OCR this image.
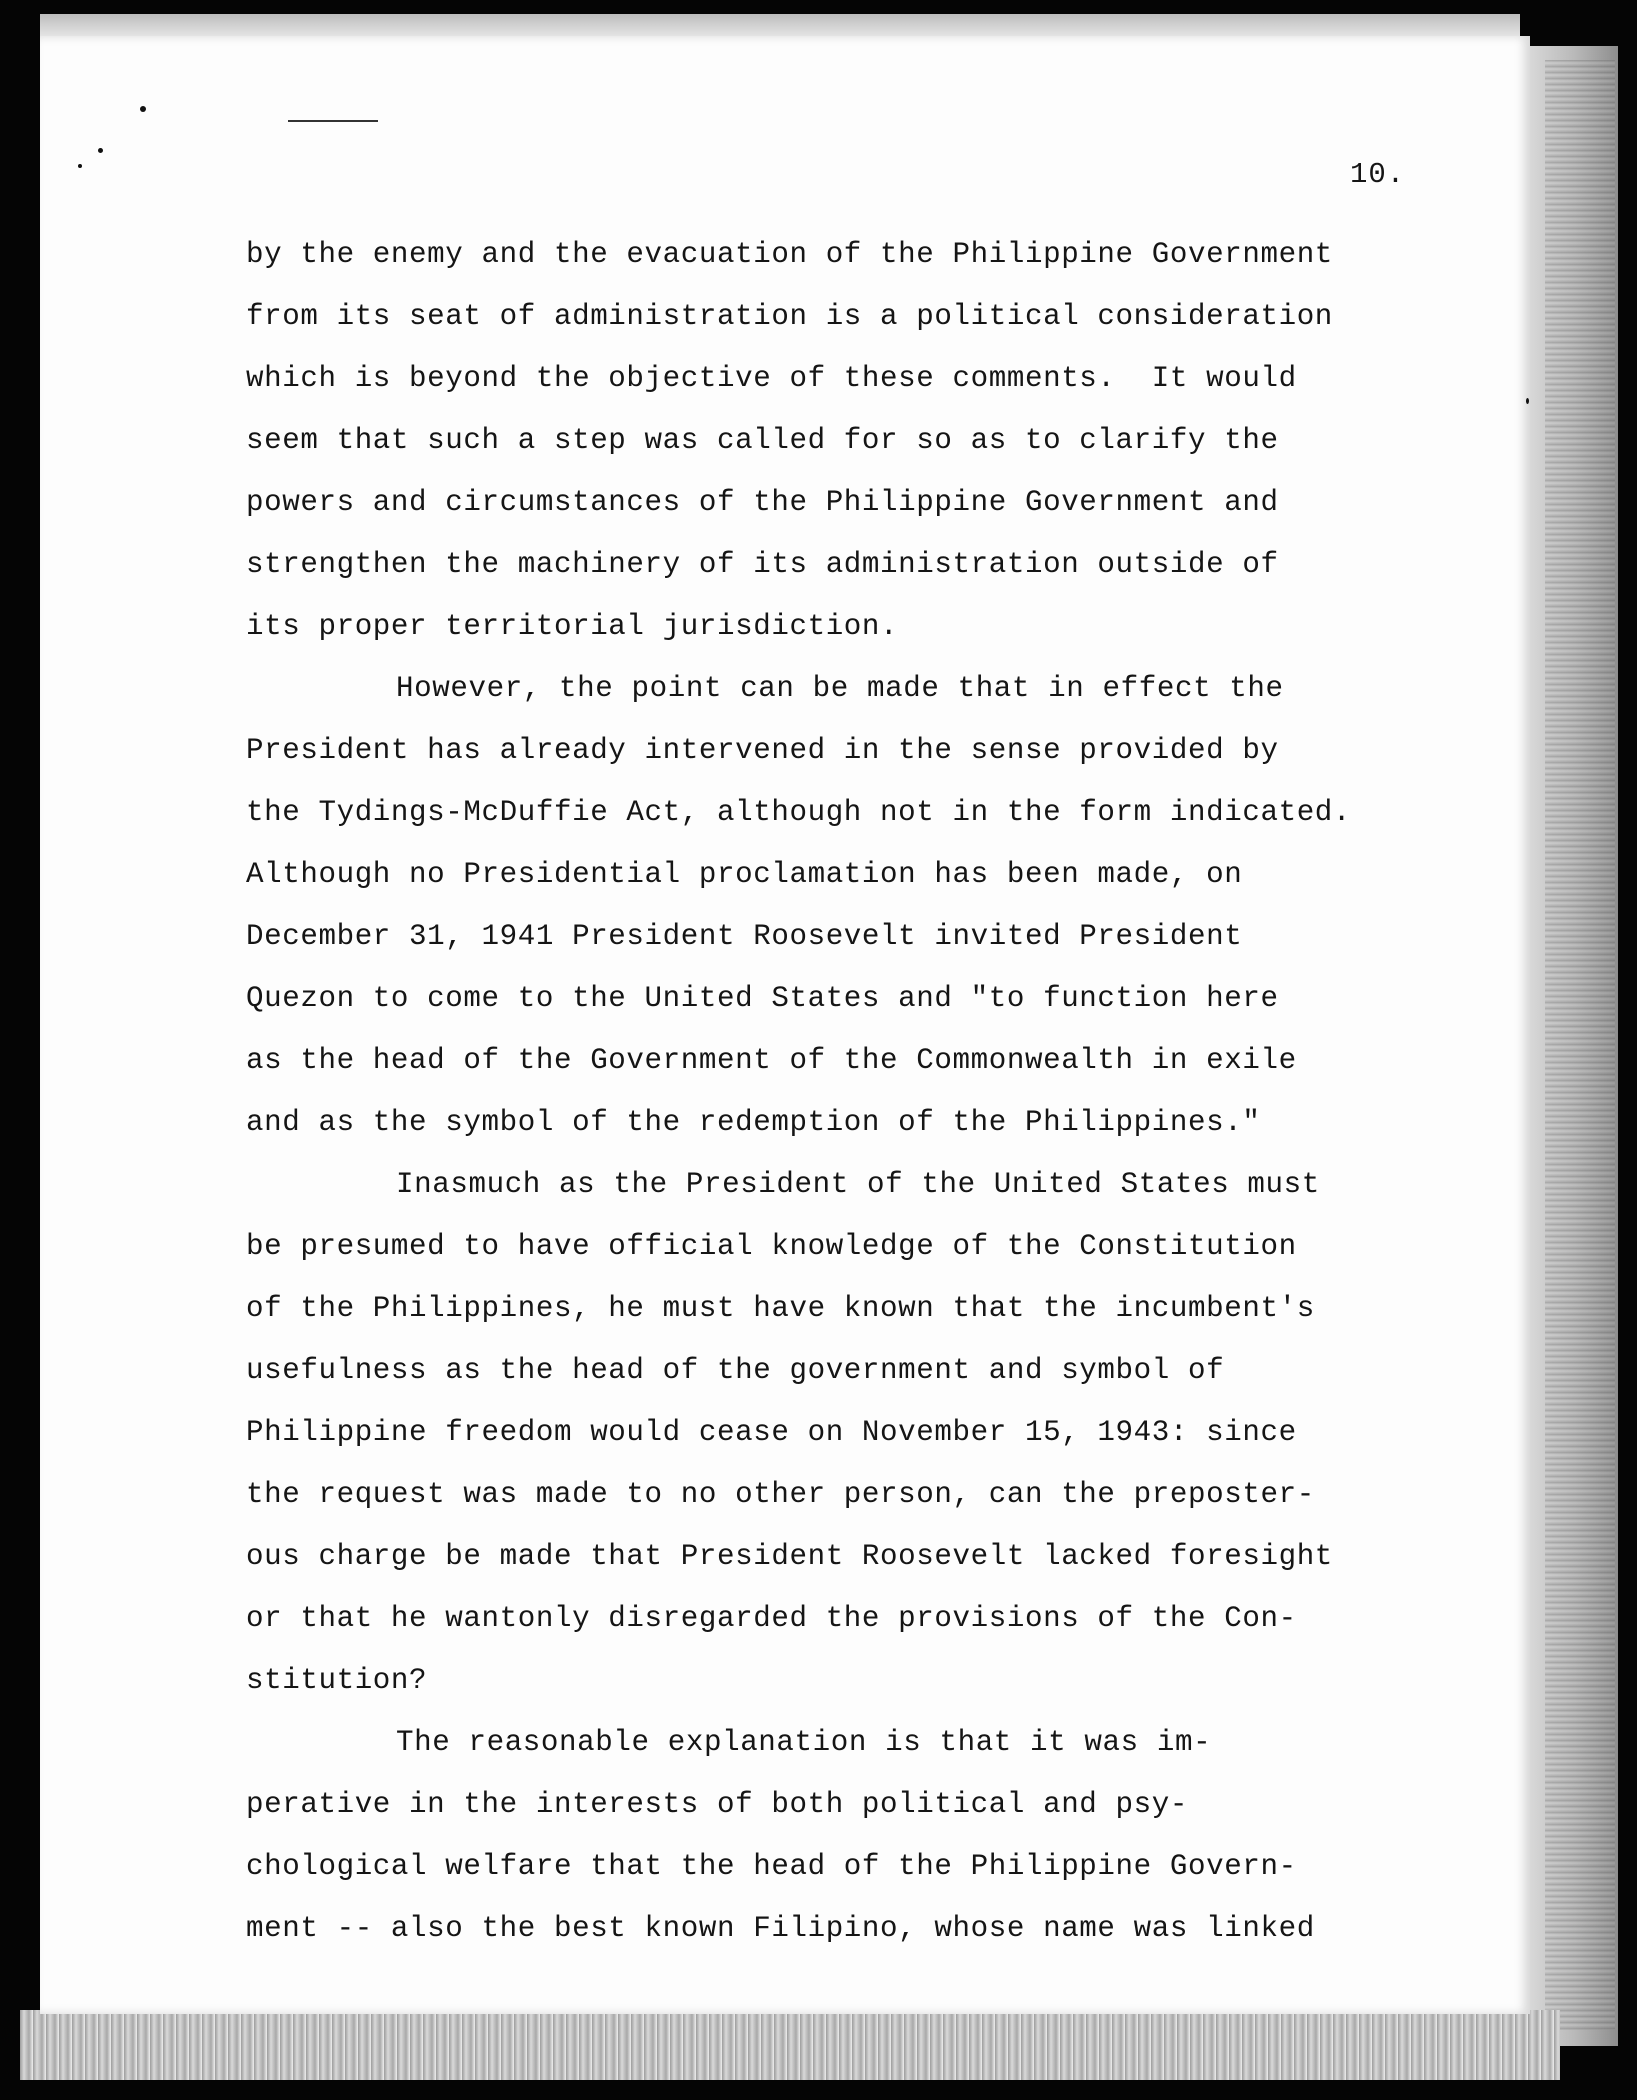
10.
by the enemy and the evacuation of the Philippine Government
from its seat of administration is a political consideration
which is beyond the objective of these comments.  It would
seem that such a step was called for so as to clarify the
powers and circumstances of the Philippine Government and
strengthen the machinery of its administration outside of
its proper territorial jurisdiction.
However, the point can be made that in effect the
President has already intervened in the sense provided by
the Tydings-McDuffie Act, although not in the form indicated.
Although no Presidential proclamation has been made, on
December 31, 1941 President Roosevelt invited President
Quezon to come to the United States and "to function here
as the head of the Government of the Commonwealth in exile
and as the symbol of the redemption of the Philippines."
Inasmuch as the President of the United States must
be presumed to have official knowledge of the Constitution
of the Philippines, he must have known that the incumbent's
usefulness as the head of the government and symbol of
Philippine freedom would cease on November 15, 1943: since
the request was made to no other person, can the preposter-
ous charge be made that President Roosevelt lacked foresight
or that he wantonly disregarded the provisions of the Con-
stitution?
The reasonable explanation is that it was im-
perative in the interests of both political and psy-
chological welfare that the head of the Philippine Govern-
ment -- also the best known Filipino, whose name was linked
